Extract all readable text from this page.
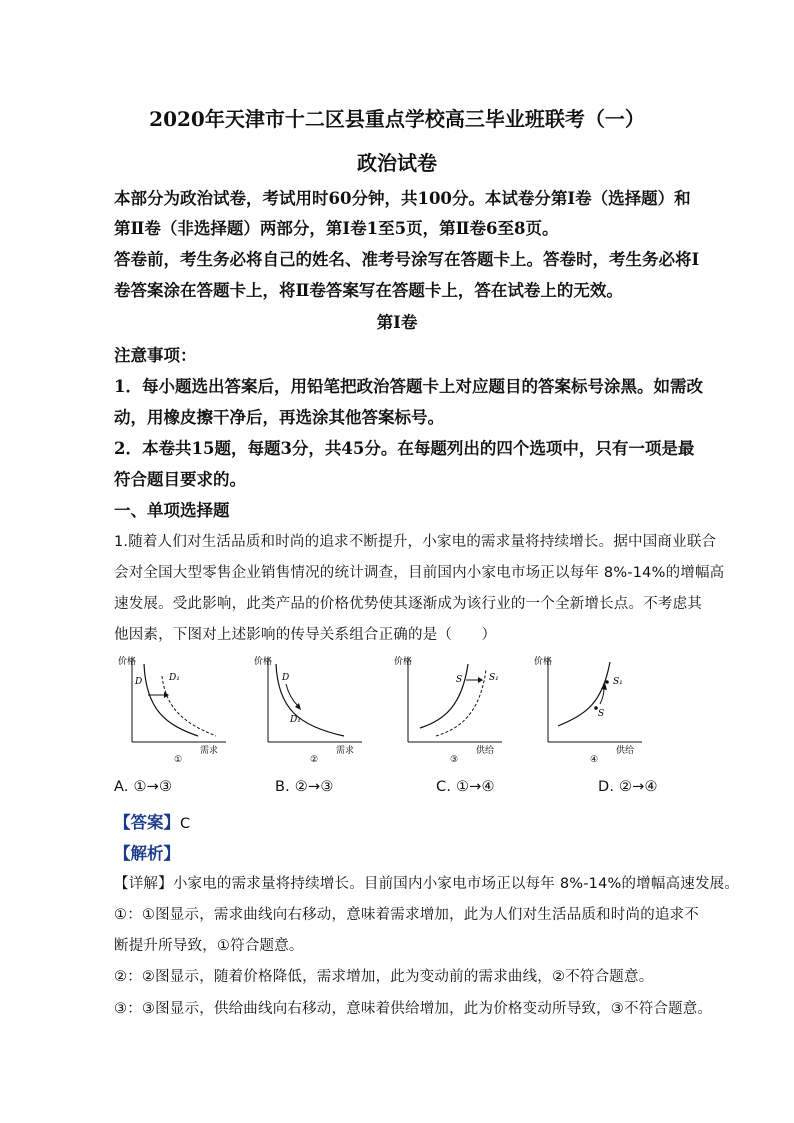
2020年天津市十二区县重点学校高三毕业班联考（一）
政治试卷
本部分为政治试卷，考试用时60分钟，共100分。本试卷分第Ⅰ卷（选择题）和
第Ⅱ卷（非选择题）两部分，第Ⅰ卷1至5页，第Ⅱ卷6至8页。
答卷前，考生务必将自己的姓名、准考号涂写在答题卡上。答卷时，考生务必将Ⅰ
卷答案涂在答题卡上，将Ⅱ卷答案写在答题卡上，答在试卷上的无效。
第Ⅰ卷
注意事项：
1．每小题选出答案后，用铅笔把政治答题卡上对应题目的答案标号涂黑。如需改
动，用橡皮擦干净后，再选涂其他答案标号。
2．本卷共15题，每题3分，共45分。在每题列出的四个选项中，只有一项是最
符合题目要求的。
一、单项选择题
1.随着人们对生活品质和时尚的追求不断提升，小家电的需求量将持续增长。据中国商业联合
会对全国大型零售企业销售情况的统计调查，目前国内小家电市场正以每年 8%-14%的增幅高
速发展。受此影响，此类产品的价格优势使其逐渐成为该行业的一个全新增长点。不考虑其
他因素，下图对上述影响的传导关系组合正确的是（　　）
价格
需求
①
D	D₁
价格
需求
②
D
D₁
价格
供给
③
S	S₁
价格
供给
④
S
S₁
A. ①→③	B. ②→③	C. ①→④	D. ②→④
【答案】C
【解析】
【详解】小家电的需求量将持续增长。目前国内小家电市场正以每年 8%-14%的增幅高速发展。
①：①图显示，需求曲线向右移动，意味着需求增加，此为人们对生活品质和时尚的追求不
断提升所导致，①符合题意。
②：②图显示，随着价格降低，需求增加，此为变动前的需求曲线，②不符合题意。
③：③图显示，供给曲线向右移动，意味着供给增加，此为价格变动所导致，③不符合题意。
